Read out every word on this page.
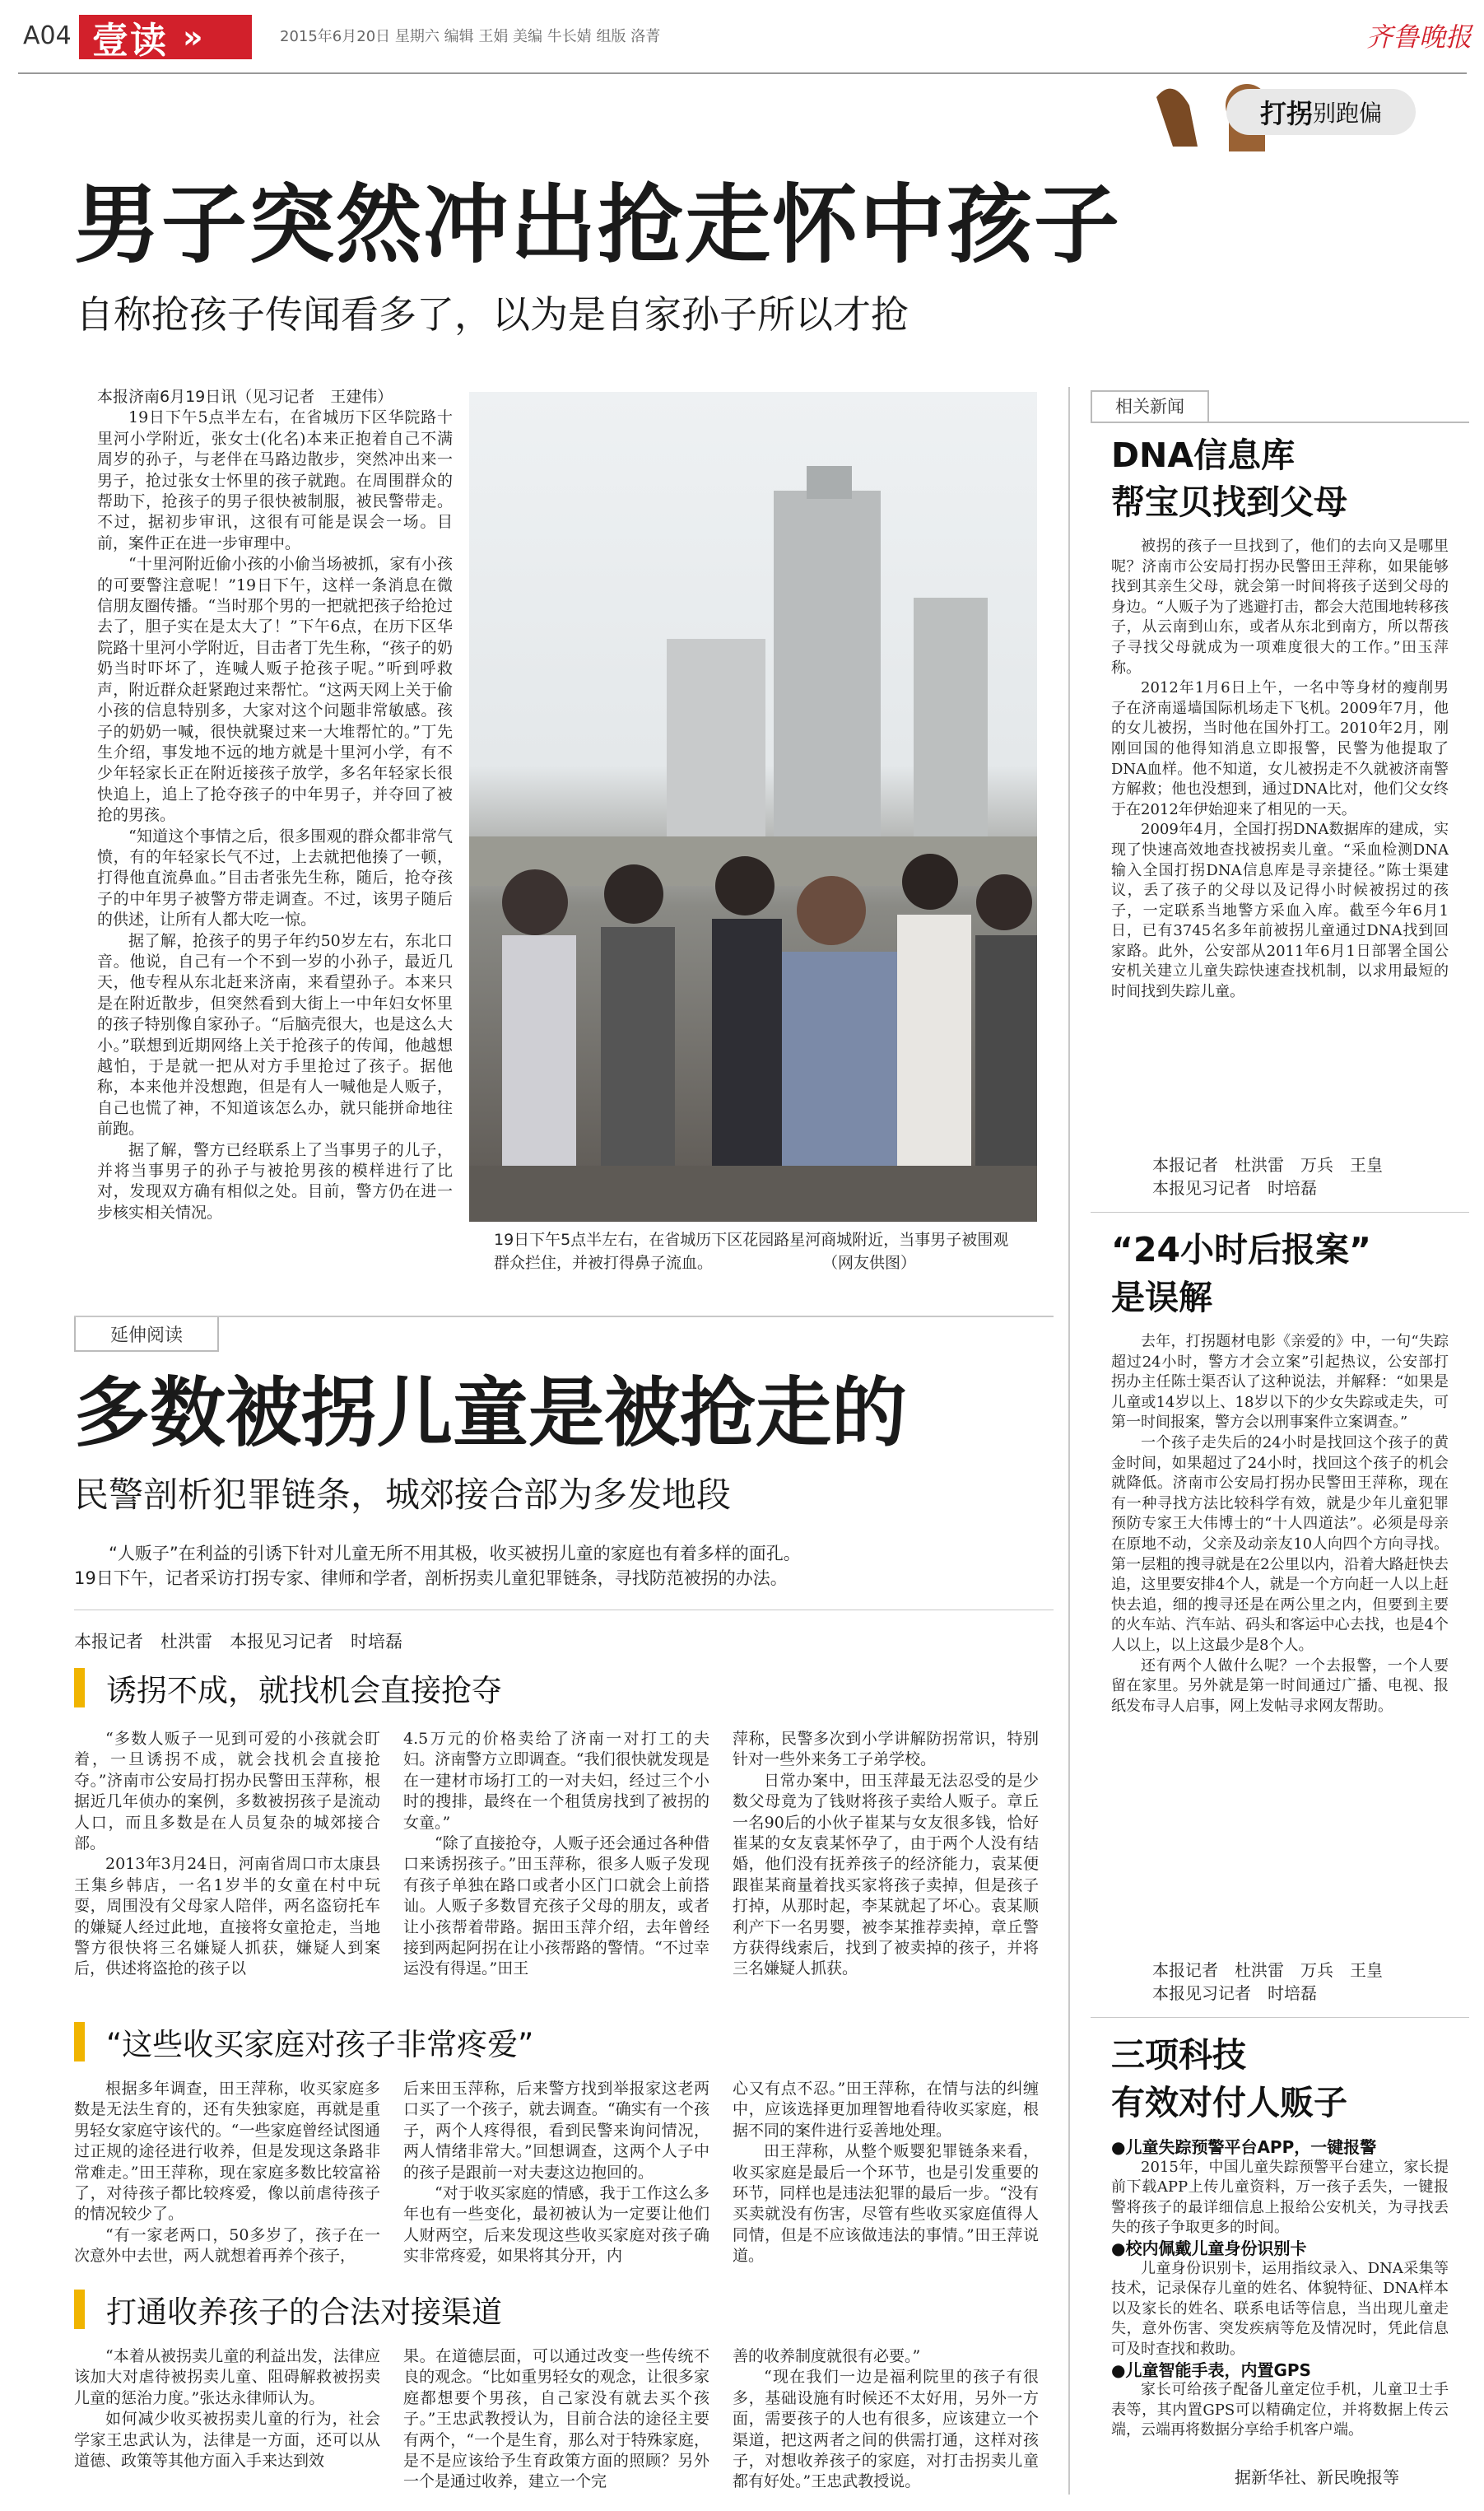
A04 壹读 »	2015年6月20日 星期六 编辑 王娟 美编 牛长婧 组版 洛菁	齐鲁晚报
打拐 别跑偏
男子突然冲出抢走怀中孩子
自称抢孩子传闻看多了，以为是自家孙子所以才抢

本报济南6月19日讯（见习记者　王建伟）

19日下午5点半左右，在省城历下区华院路十里河小学附近，张女士(化名)本来正抱着自己不满周岁的孙子，与老伴在马路边散步，突然冲出来一男子，抢过张女士怀里的孩子就跑。在周围群众的帮助下，抢孩子的男子很快被制服，被民警带走。不过，据初步审讯，这很有可能是误会一场。目前，案件正在进一步审理中。

“十里河附近偷小孩的小偷当场被抓，家有小孩的可要警注意呢！”19日下午，这样一条消息在微信朋友圈传播。“当时那个男的一把就把孩子给抢过去了，胆子实在是太大了！”下午6点，在历下区华院路十里河小学附近，目击者丁先生称，“孩子的奶奶当时吓坏了，连喊人贩子抢孩子呢。”听到呼救声，附近群众赶紧跑过来帮忙。“这两天网上关于偷小孩的信息特别多，大家对这个问题非常敏感。孩子的奶奶一喊，很快就聚过来一大堆帮忙的。”丁先生介绍，事发地不远的地方就是十里河小学，有不少年轻家长正在附近接孩子放学，多名年轻家长很快追上，追上了抢夺孩子的中年男子，并夺回了被抢的男孩。

“知道这个事情之后，很多围观的群众都非常气愤，有的年轻家长气不过，上去就把他揍了一顿，打得他直流鼻血。”目击者张先生称，随后，抢夺孩子的中年男子被警方带走调查。不过，该男子随后的供述，让所有人都大吃一惊。

据了解，抢孩子的男子年约50岁左右，东北口音。他说，自己有一个不到一岁的小孙子，最近几天，他专程从东北赶来济南，来看望孙子。本来只是在附近散步，但突然看到大街上一中年妇女怀里的孩子特别像自家孙子。“后脑壳很大，也是这么大小。”联想到近期网络上关于抢孩子的传闻，他越想越怕，于是就一把从对方手里抢过了孩子。据他称，本来他并没想跑，但是有人一喊他是人贩子，自己也慌了神，不知道该怎么办，就只能拼命地往前跑。

据了解，警方已经联系上了当事男子的儿子，并将当事男子的孙子与被抢男孩的模样进行了比对，发现双方确有相似之处。目前，警方仍在进一步核实相关情况。

19日下午5点半左右，在省城历下区花园路星河商城附近，当事男子被围观群众拦住，并被打得鼻子流血。　　　　　　　　（网友供图）
延伸阅读
多数被拐儿童是被抢走的
民警剖析犯罪链条，城郊接合部为多发地段
“人贩子”在利益的引诱下针对儿童无所不用其极，收买被拐儿童的家庭也有着多样的面孔。
19日下午，记者采访打拐专家、律师和学者，剖析拐卖儿童犯罪链条，寻找防范被拐的办法。
本报记者　杜洪雷　本报见习记者　时培磊
诱拐不成，就找机会直接抢夺

“多数人贩子一见到可爱的小孩就会盯着，一旦诱拐不成，就会找机会直接抢夺。”济南市公安局打拐办民警田玉萍称，根据近几年侦办的案例，多数被拐孩子是流动人口，而且多数是在人员复杂的城郊接合部。

2013年3月24日，河南省周口市太康县王集乡韩店，一名1岁半的女童在村中玩耍，周围没有父母家人陪伴，两名盗窃托车的嫌疑人经过此地，直接将女童抢走，当地警方很快将三名嫌疑人抓获，嫌疑人到案后，供述将盗抢的孩子以

4.5万元的价格卖给了济南一对打工的夫妇。济南警方立即调查。“我们很快就发现是在一建材市场打工的一对夫妇，经过三个小时的搜排，最终在一个租赁房找到了被拐的女童。”

“除了直接抢夺，人贩子还会通过各种借口来诱拐孩子。”田玉萍称，很多人贩子发现有孩子单独在路口或者小区门口就会上前搭讪。人贩子多数冒充孩子父母的朋友，或者让小孩帮着带路。据田玉萍介绍，去年曾经接到两起阿拐在让小孩帮路的警情。“不过幸运没有得逞。”田王

萍称，民警多次到小学讲解防拐常识，特别针对一些外来务工子弟学校。

日常办案中，田玉萍最无法忍受的是少数父母竟为了钱财将孩子卖给人贩子。章丘一名90后的小伙子崔某与女友很多钱，恰好崔某的女友袁某怀孕了，由于两个人没有结婚，他们没有抚养孩子的经济能力，袁某便跟崔某商量着找买家将孩子卖掉，但是孩子打掉，从那时起，李某就起了坏心。袁某顺利产下一名男婴，被李某推荐卖掉，章丘警方获得线索后，找到了被卖掉的孩子，并将三名嫌疑人抓获。

“这些收买家庭对孩子非常疼爱”

根据多年调查，田王萍称，收买家庭多数是无法生育的，还有失独家庭，再就是重男轻女家庭守该代的。“一些家庭曾经试图通过正规的途径进行收养，但是发现这条路非常难走。”田王萍称，现在家庭多数比较富裕了，对待孩子都比较疼爱，像以前虐待孩子的情况较少了。

“有一家老两口，50多岁了，孩子在一次意外中去世，两人就想着再养个孩子，

后来田玉萍称，后来警方找到举报家这老两口买了一个孩子，就去调查。“确实有一个孩子，两个人疼得很，看到民警来询问情况，两人情绪非常大。”回想调查，这两个人子中的孩子是跟前一对夫妻这边抱回的。

“对于收买家庭的情感，我于工作这么多年也有一些变化，最初被认为一定要让他们人财两空，后来发现这些收买家庭对孩子确实非常疼爱，如果将其分开，内

心又有点不忍。”田王萍称，在情与法的纠缠中，应该选择更加理智地看待收买家庭，根据不同的案件进行妥善地处理。

田王萍称，从整个贩婴犯罪链条来看，收买家庭是最后一个环节，也是引发重要的环节，同样也是违法犯罪的最后一步。“没有买卖就没有伤害，尽管有些收买家庭值得人同情，但是不应该做违法的事情。”田王萍说道。

打通收养孩子的合法对接渠道

“本着从被拐卖儿童的利益出发，法律应该加大对虐待被拐卖儿童、阻碍解救被拐卖儿童的惩治力度。”张达永律师认为。

如何减少收买被拐卖儿童的行为，社会学家王忠武认为，法律是一方面，还可以从道德、政策等其他方面入手来达到效

果。在道德层面，可以通过改变一些传统不良的观念。“比如重男轻女的观念，让很多家庭都想要个男孩，自己家没有就去买个孩子。”王忠武教授认为，目前合法的途径主要有两个，“一个是生育，那么对于特殊家庭，是不是应该给予生育政策方面的照顾？另外一个是通过收养，建立一个完

善的收养制度就很有必要。”

“现在我们一边是福利院里的孩子有很多，基础设施有时候还不太好用，另外一方面，需要孩子的人也有很多，应该建立一个渠道，把这两者之间的供需打通，这样对孩子，对想收养孩子的家庭，对打击拐卖儿童都有好处。”王忠武教授说。

相关新闻
DNA信息库
帮宝贝找到父母

被拐的孩子一旦找到了，他们的去向又是哪里呢？济南市公安局打拐办民警田王萍称，如果能够找到其亲生父母，就会第一时间将孩子送到父母的身边。“人贩子为了逃避打击，都会大范围地转移孩子，从云南到山东，或者从东北到南方，所以帮孩子寻找父母就成为一项难度很大的工作。”田玉萍称。

2012年1月6日上午，一名中等身材的瘦削男子在济南遥墙国际机场走下飞机。2009年7月，他的女儿被拐，当时他在国外打工。2010年2月，刚刚回国的他得知消息立即报警，民警为他提取了DNA血样。他不知道，女儿被拐走不久就被济南警方解救；他也没想到，通过DNA比对，他们父女终于在2012年伊始迎来了相见的一天。

2009年4月，全国打拐DNA数据库的建成，实现了快速高效地查找被拐卖儿童。“采血检测DNA输入全国打拐DNA信息库是寻亲捷径。”陈士渠建议，丢了孩子的父母以及记得小时候被拐过的孩子，一定联系当地警方采血入库。截至今年6月1日，已有3745名多年前被拐儿童通过DNA找到回家路。此外，公安部从2011年6月1日部署全国公安机关建立儿童失踪快速查找机制，以求用最短的时间找到失踪儿童。

本报记者　杜洪雷　万兵　王皇
本报见习记者　时培磊
“24小时后报案”
是误解

去年，打拐题材电影《亲爱的》中，一句“失踪超过24小时，警方才会立案”引起热议，公安部打拐办主任陈士渠否认了这种说法，并解释：“如果是儿童或14岁以上、18岁以下的少女失踪或走失，可第一时间报案，警方会以刑事案件立案调查。”

一个孩子走失后的24小时是找回这个孩子的黄金时间，如果超过了24小时，找回这个孩子的机会就降低。济南市公安局打拐办民警田王萍称，现在有一种寻找方法比较科学有效，就是少年儿童犯罪预防专家王大伟博士的“十人四道法”。必须是母亲在原地不动，父亲及动亲友10人向四个方向寻找。第一层粗的搜寻就是在2公里以内，沿着大路赶快去追，这里要安排4个人，就是一个方向赶一人以上赶快去追，细的搜寻还是在两公里之内，但要到主要的火车站、汽车站、码头和客运中心去找，也是4个人以上，以上这最少是8个人。

还有两个人做什么呢？一个去报警，一个人要留在家里。另外就是第一时间通过广播、电视、报纸发布寻人启事，网上发帖寻求网友帮助。

本报记者　杜洪雷　万兵　王皇
本报见习记者　时培磊
三项科技
有效对付人贩子

●儿童失踪预警平台APP，一键报警

2015年，中国儿童失踪预警平台建立，家长提前下载APP上传儿童资料，万一孩子丢失，一键报警将孩子的最详细信息上报给公安机关，为寻找丢失的孩子争取更多的时间。

●校内佩戴儿童身份识别卡

儿童身份识别卡，运用指纹录入、DNA采集等技术，记录保存儿童的姓名、体貌特征、DNA样本以及家长的姓名、联系电话等信息，当出现儿童走失，意外伤害、突发疾病等危及情况时，凭此信息可及时查找和救助。

●儿童智能手表，内置GPS

家长可给孩子配备儿童定位手机，儿童卫士手表等，其内置GPS可以精确定位，并将数据上传云端，云端再将数据分享给手机客户端。

据新华社、新民晚报等
